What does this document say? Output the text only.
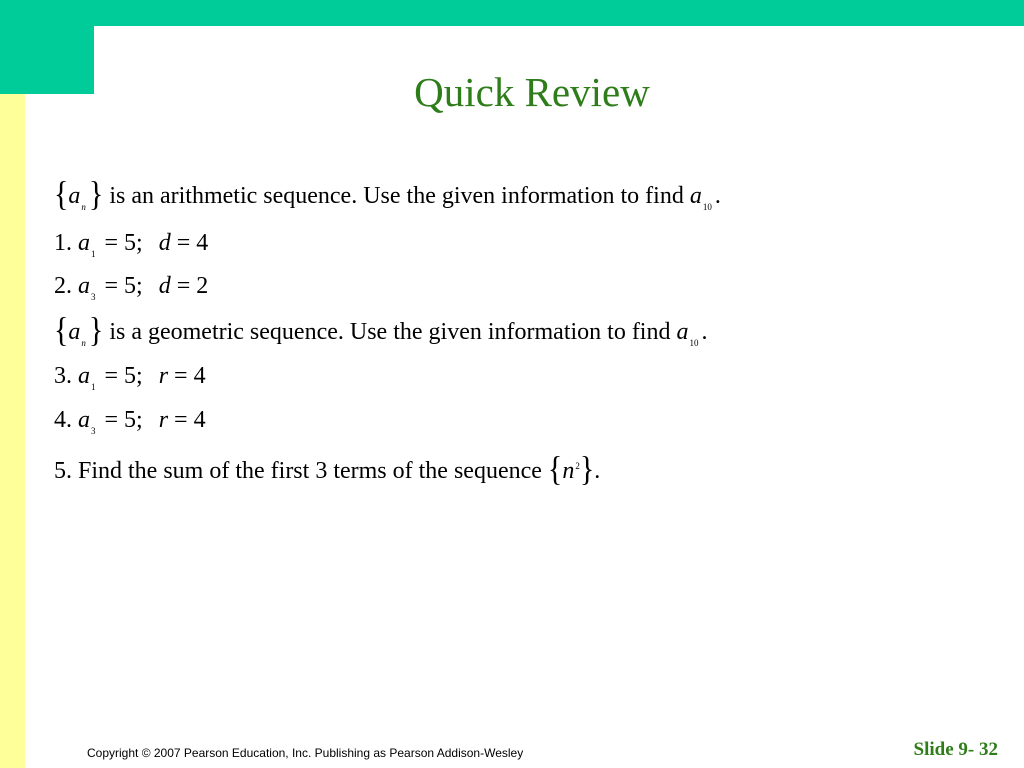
Quick Review
{$a_n$ } is an arithmetic sequence. Use the given information to find $a_{10}$ .
1. $a_1 = 5$; d = 4
2. $a_3 = 5$; d = 2
{$a_n$ } is a geometric sequence. Use the given information to find $a_{10}$ .
3. $a_1 = 5$; r = 4
4. $a_3 = 5$; r = 4
5. Find the sum of the first 3 terms of the sequence $\{n^2\}$.
Copyright © 2007 Pearson Education, Inc. Publishing as Pearson Addison-Wesley	Slide 9- 32
